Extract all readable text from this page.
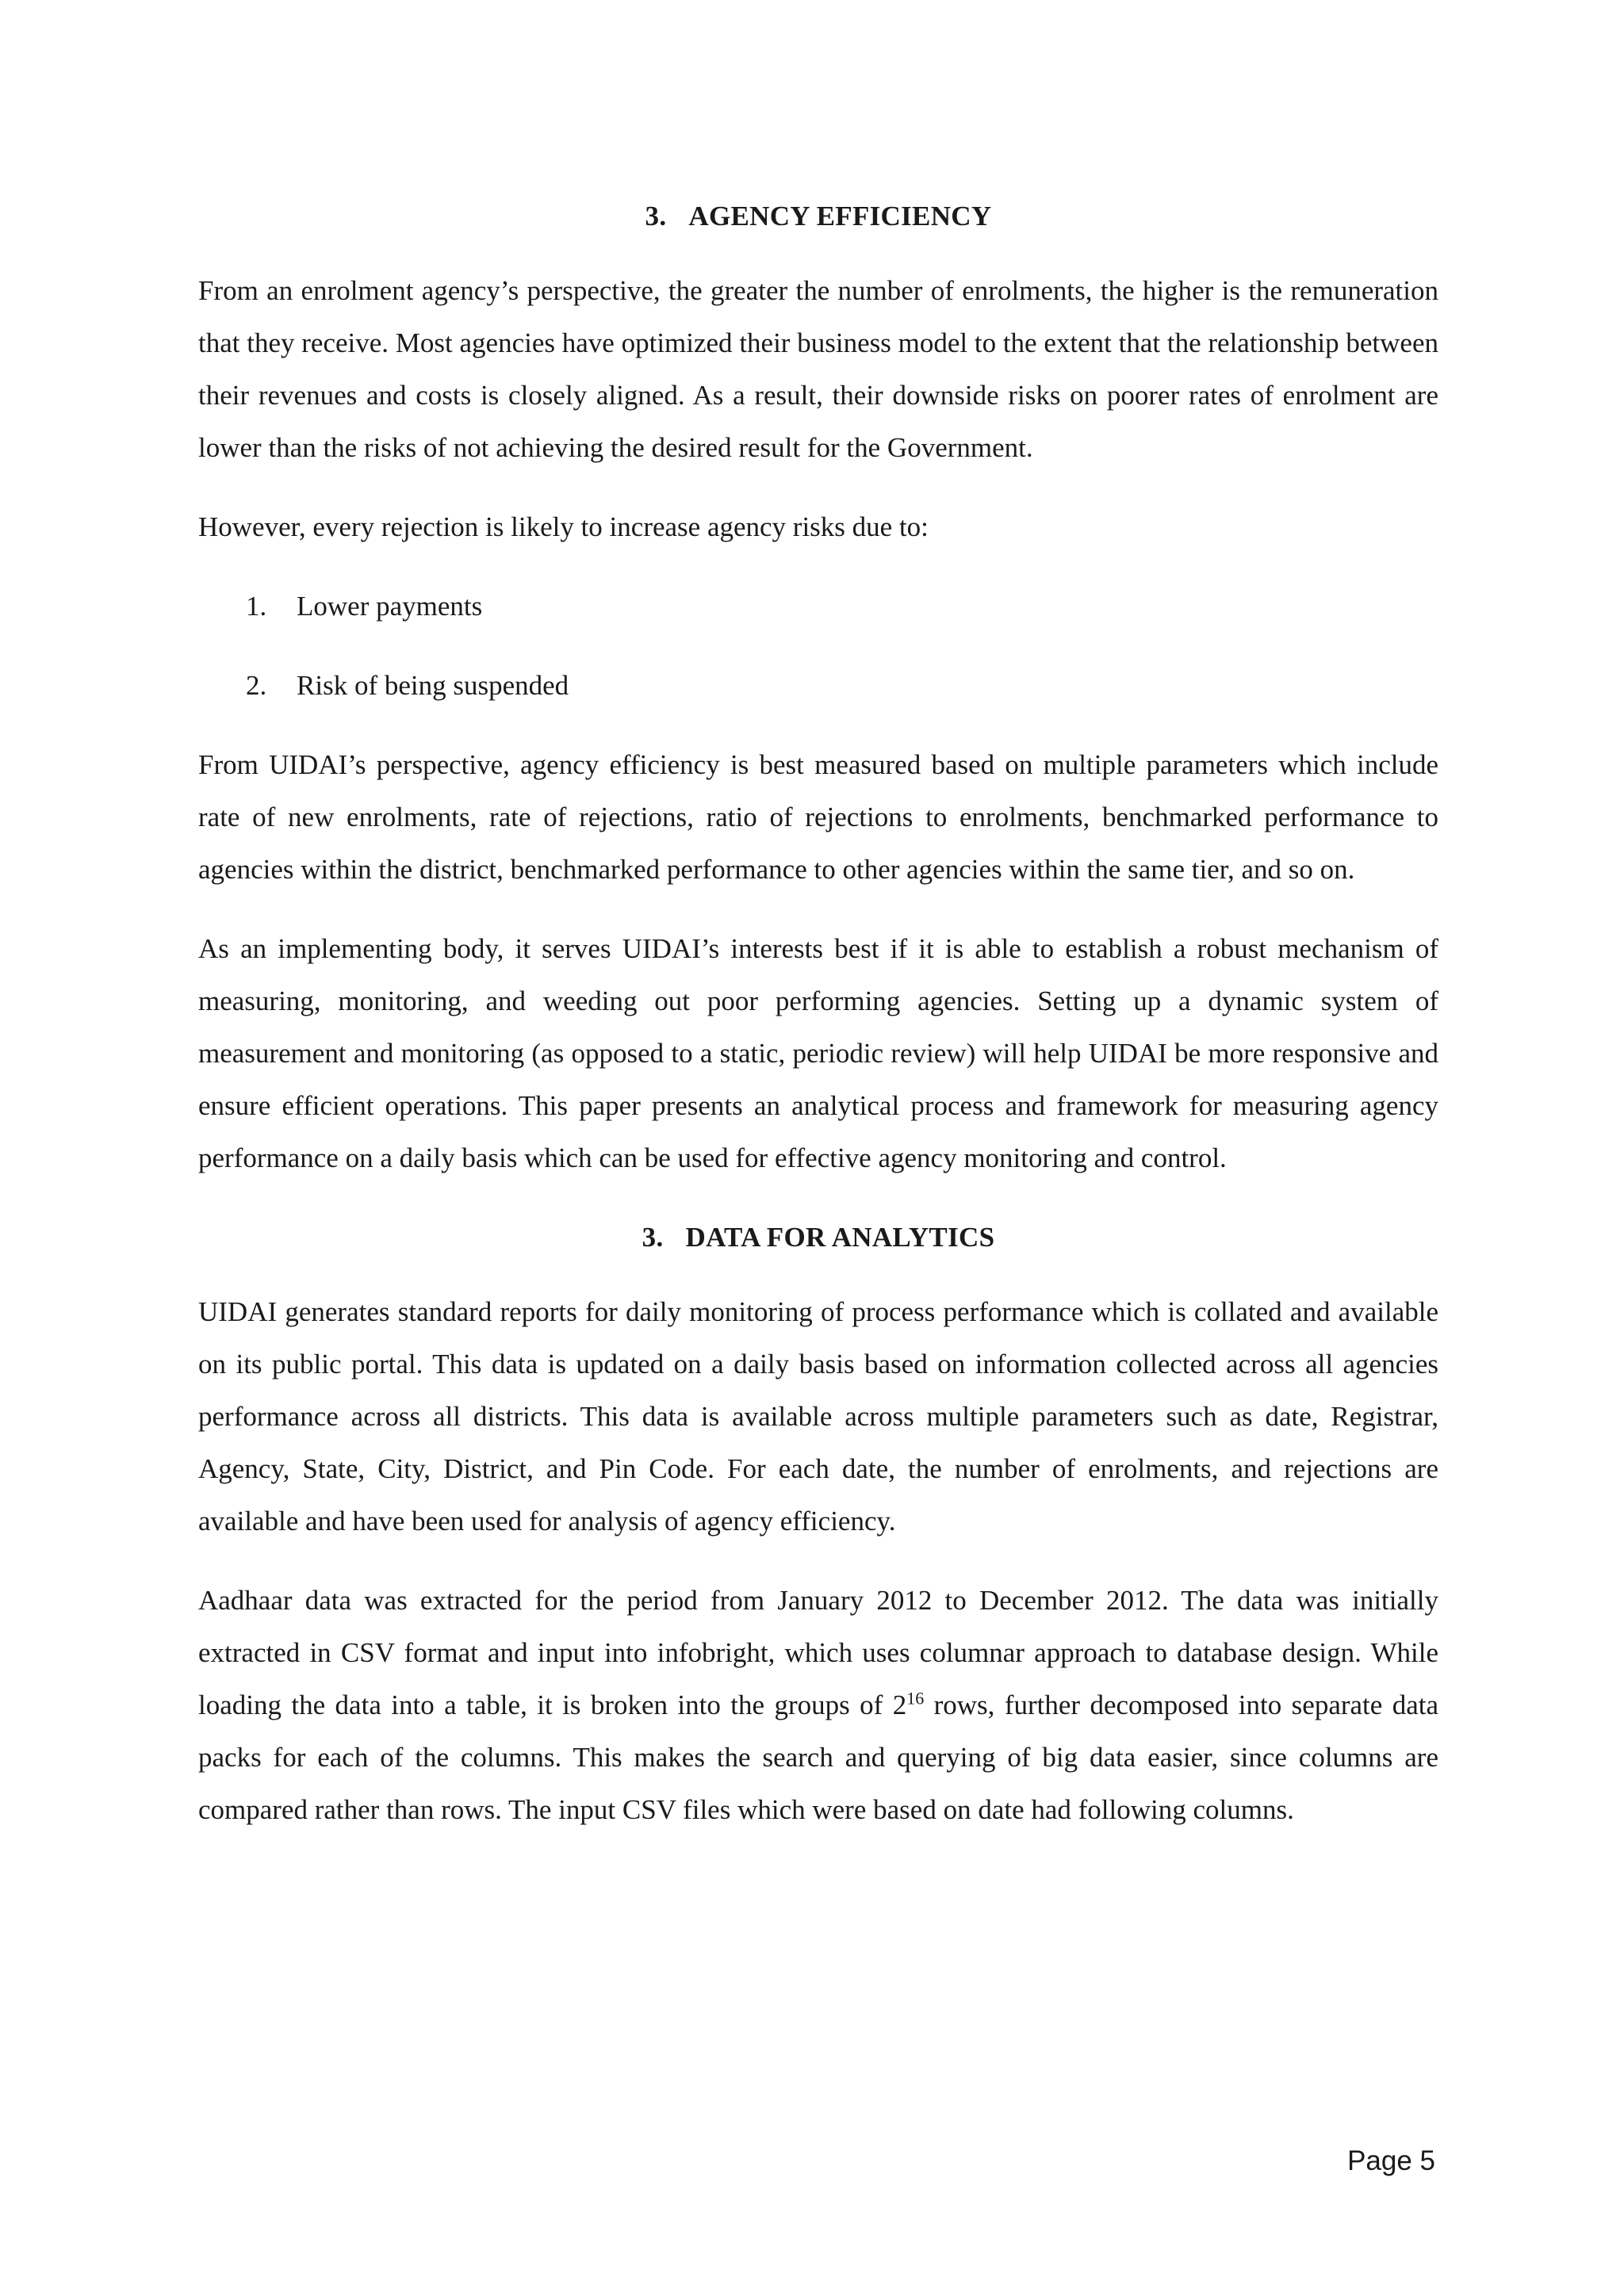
3. AGENCY EFFICIENCY

From an enrolment agency’s perspective, the greater the number of enrolments, the higher is the remuneration that they receive. Most agencies have optimized their business model to the extent that the relationship between their revenues and costs is closely aligned. As a result, their downside risks on poorer rates of enrolment are lower than the risks of not achieving the desired result for the Government.

However, every rejection is likely to increase agency risks due to:

1. Lower payments
2. Risk of being suspended

From UIDAI’s perspective, agency efficiency is best measured based on multiple parameters which include rate of new enrolments, rate of rejections, ratio of rejections to enrolments, benchmarked performance to agencies within the district, benchmarked performance to other agencies within the same tier, and so on.

As an implementing body, it serves UIDAI’s interests best if it is able to establish a robust mechanism of measuring, monitoring, and weeding out poor performing agencies. Setting up a dynamic system of measurement and monitoring (as opposed to a static, periodic review) will help UIDAI be more responsive and ensure efficient operations. This paper presents an analytical process and framework for measuring agency performance on a daily basis which can be used for effective agency monitoring and control.

3. DATA FOR ANALYTICS

UIDAI generates standard reports for daily monitoring of process performance which is collated and available on its public portal. This data is updated on a daily basis based on information collected across all agencies performance across all districts. This data is available across multiple parameters such as date, Registrar, Agency, State, City, District, and Pin Code. For each date, the number of enrolments, and rejections are available and have been used for analysis of agency efficiency.

Aadhaar data was extracted for the period from January 2012 to December 2012. The data was initially extracted in CSV format and input into infobright, which uses columnar approach to database design. While loading the data into a table, it is broken into the groups of $2^{16}$ rows, further decomposed into separate data packs for each of the columns. This makes the search and querying of big data easier, since columns are compared rather than rows. The input CSV files which were based on date had following columns.

Page 5
